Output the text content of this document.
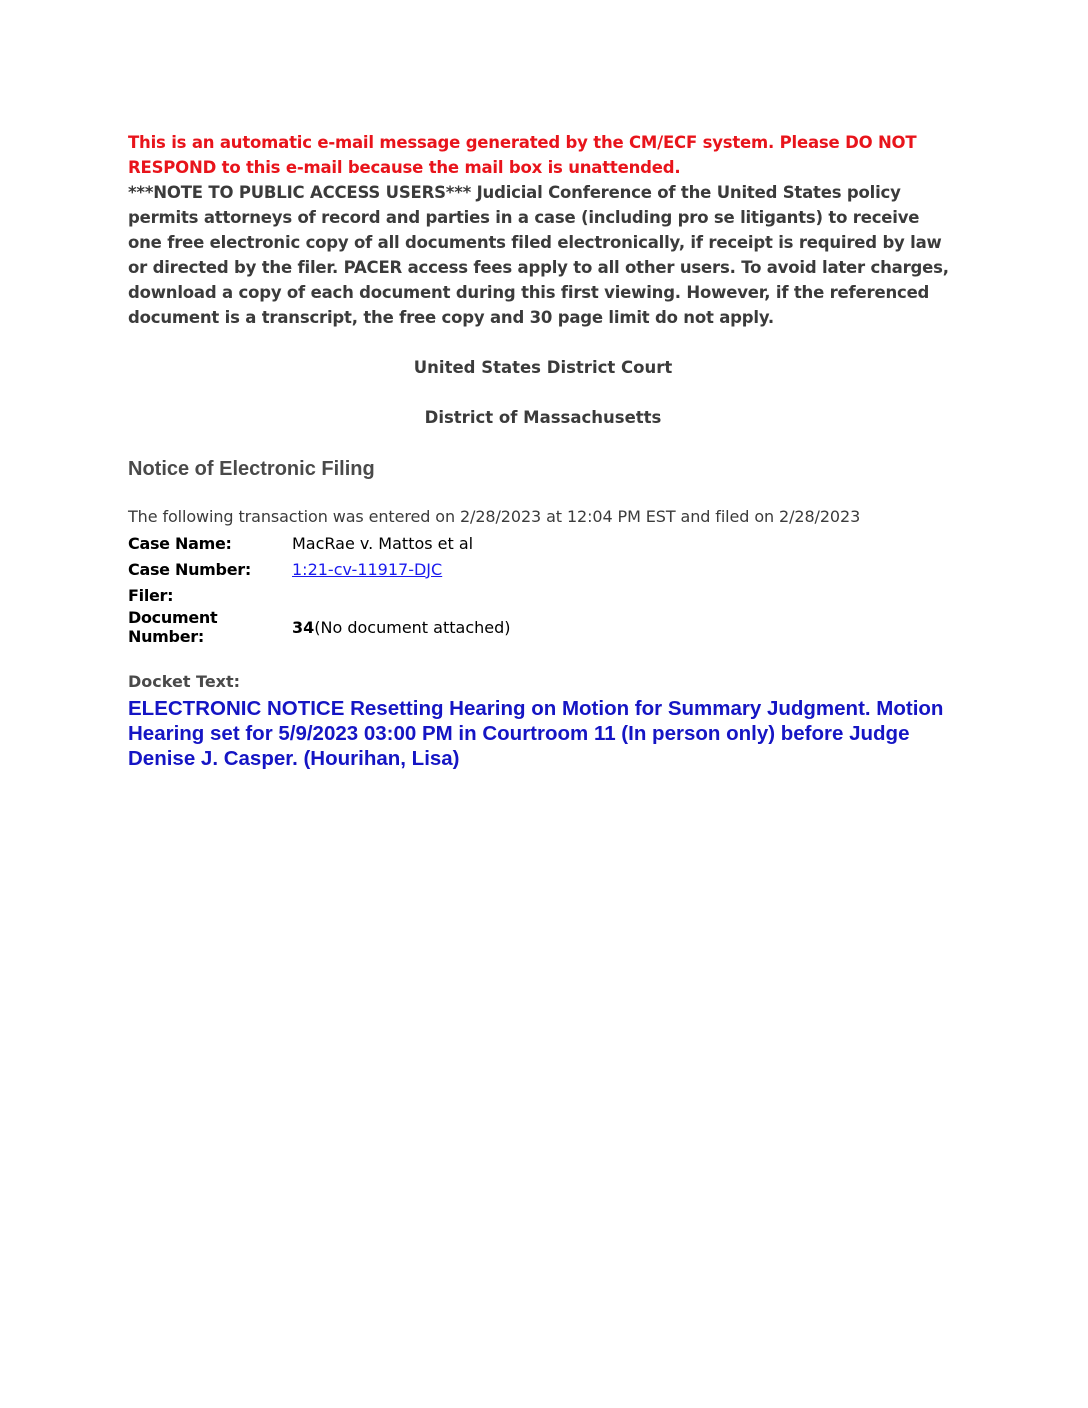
This is an automatic e-mail message generated by the CM/ECF system. Please DO NOT RESPOND to this e-mail because the mail box is unattended.

***NOTE TO PUBLIC ACCESS USERS*** Judicial Conference of the United States policy permits attorneys of record and parties in a case (including pro se litigants) to receive one free electronic copy of all documents filed electronically, if receipt is required by law or directed by the filer. PACER access fees apply to all other users. To avoid later charges, download a copy of each document during this first viewing. However, if the referenced document is a transcript, the free copy and 30 page limit do not apply.

United States District Court

District of Massachusetts

Notice of Electronic Filing

The following transaction was entered on 2/28/2023 at 12:04 PM EST and filed on 2/28/2023

Case Name:	MacRae v. Mattos et al
Case Number:	1:21-cv-11917-DJC
Filer:	
Document Number:	34(No document attached)

Docket Text:

ELECTRONIC NOTICE Resetting Hearing on Motion for Summary Judgment. Motion Hearing set for 5/9/2023 03:00 PM in Courtroom 11 (In person only) before Judge Denise J. Casper. (Hourihan, Lisa)
